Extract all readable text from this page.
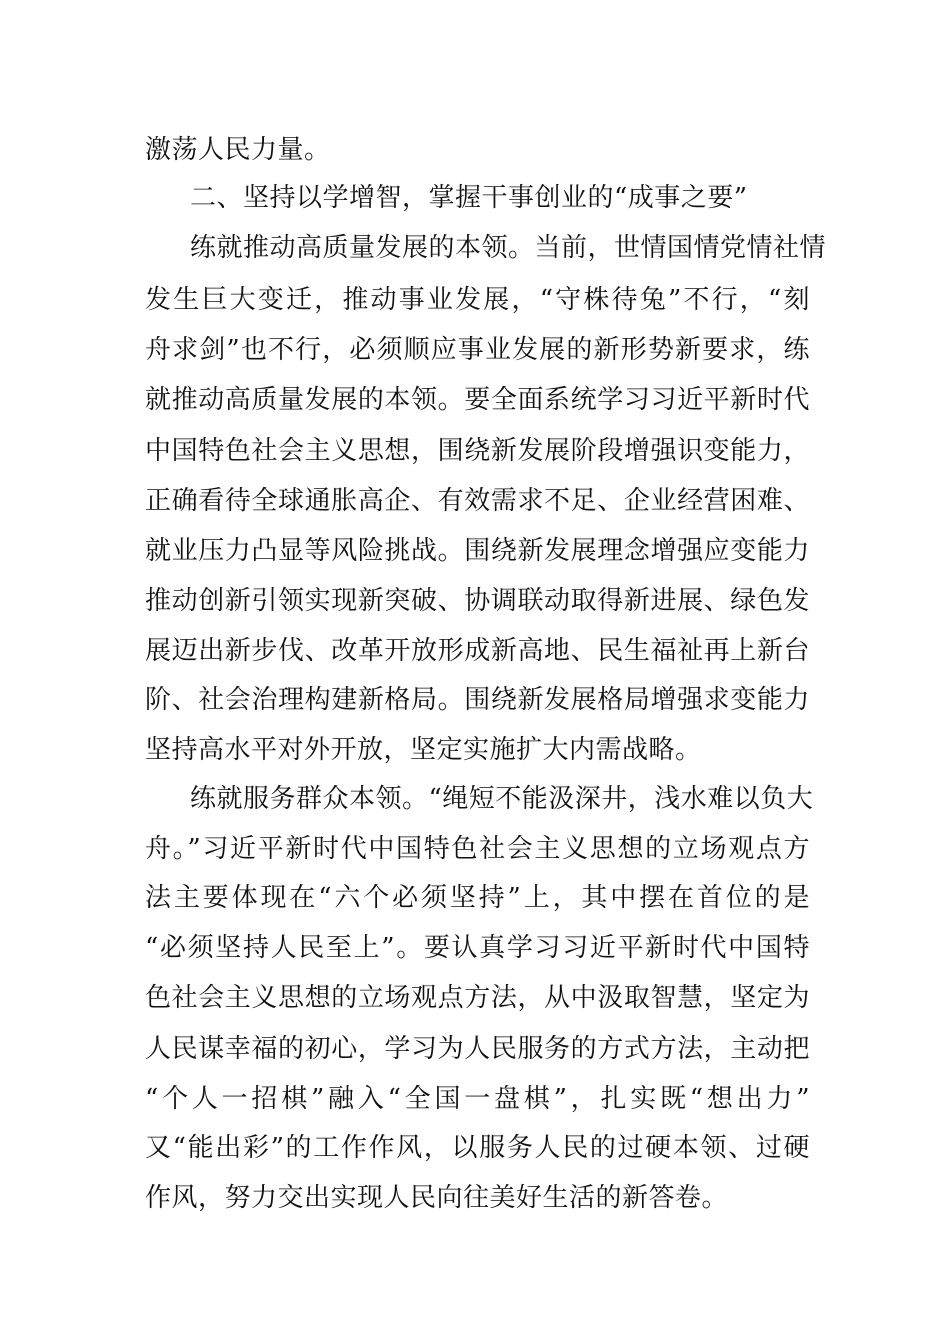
激荡人民力量。
二、坚持以学增智，掌握干事创业的“成事之要”
练就推动高质量发展的本领。当前，世情国情党情社情
发生巨大变迁，推动事业发展，“守株待兔”不行，“刻
舟求剑”也不行，必须顺应事业发展的新形势新要求，练
就推动高质量发展的本领。要全面系统学习习近平新时代
中国特色社会主义思想，围绕新发展阶段增强识变能力，
正确看待全球通胀高企、有效需求不足、企业经营困难、
就业压力凸显等风险挑战。围绕新发展理念增强应变能力
推动创新引领实现新突破、协调联动取得新进展、绿色发
展迈出新步伐、改革开放形成新高地、民生福祉再上新台
阶、社会治理构建新格局。围绕新发展格局增强求变能力
坚持高水平对外开放，坚定实施扩大内需战略。
练就服务群众本领。“绳短不能汲深井，浅水难以负大
舟。”习近平新时代中国特色社会主义思想的立场观点方
法主要体现在“六个必须坚持”上，其中摆在首位的是
“必须坚持人民至上”。要认真学习习近平新时代中国特
色社会主义思想的立场观点方法，从中汲取智慧，坚定为
人民谋幸福的初心，学习为人民服务的方式方法，主动把
“个人一招棋”融入“全国一盘棋”，扎实既“想出力”
又“能出彩”的工作作风，以服务人民的过硬本领、过硬
作风，努力交出实现人民向往美好生活的新答卷。
